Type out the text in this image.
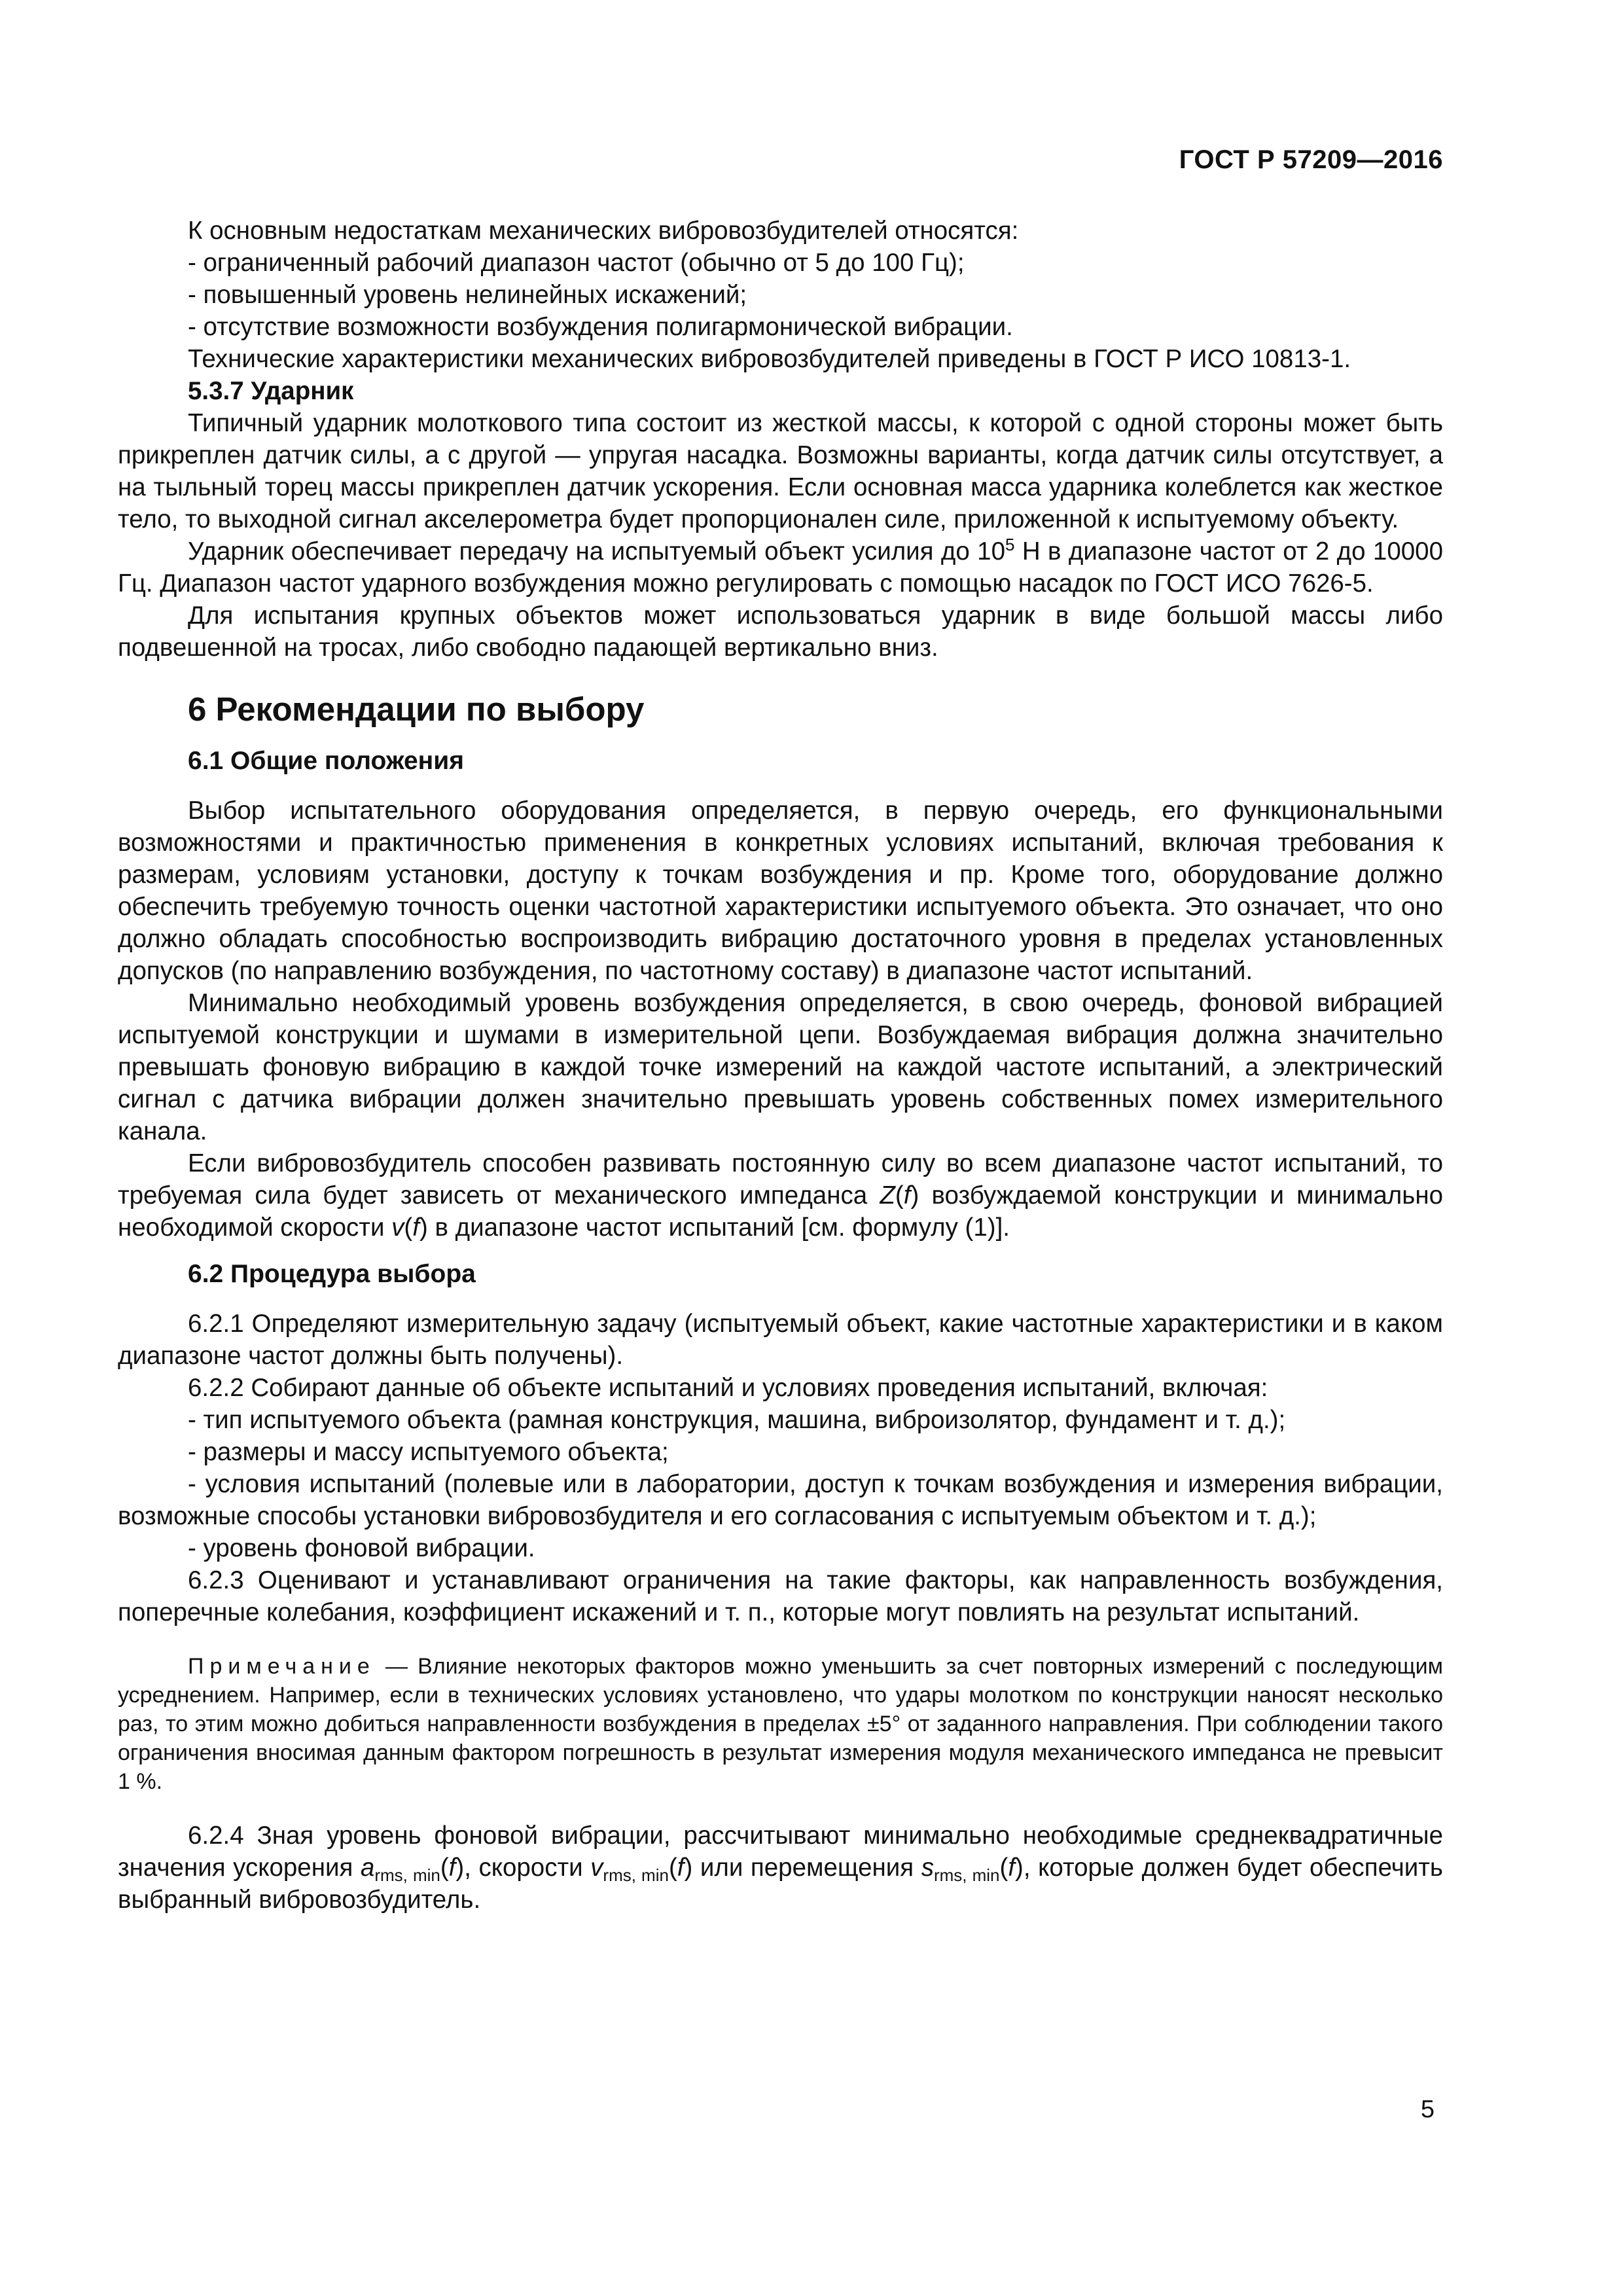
ГОСТ Р 57209—2016

К основным недостаткам механических вибровозбудителей относятся:

- ограниченный рабочий диапазон частот (обычно от 5 до 100 Гц);

- повышенный уровень нелинейных искажений;

- отсутствие возможности возбуждения полигармонической вибрации.

Технические характеристики механических вибровозбудителей приведены в ГОСТ Р ИСО 10813-1.

5.3.7 Ударник

Типичный ударник молоткового типа состоит из жесткой массы, к которой с одной стороны может быть прикреплен датчик силы, а с другой — упругая насадка. Возможны варианты, когда датчик силы отсутствует, а на тыльный торец массы прикреплен датчик ускорения. Если основная масса ударника колеблется как жесткое тело, то выходной сигнал акселерометра будет пропорционален силе, приложенной к испытуемому объекту.

Ударник обеспечивает передачу на испытуемый объект усилия до $10^5$ Н в диапазоне частот от 2 до 10000 Гц. Диапазон частот ударного возбуждения можно регулировать с помощью насадок по ГОСТ ИСО 7626-5.

Для испытания крупных объектов может использоваться ударник в виде большой массы либо подвешенной на тросах, либо свободно падающей вертикально вниз.

6 Рекомендации по выбору
6.1 Общие положения

Выбор испытательного оборудования определяется, в первую очередь, его функциональными возможностями и практичностью применения в конкретных условиях испытаний, включая требования к размерам, условиям установки, доступу к точкам возбуждения и пр. Кроме того, оборудование должно обеспечить требуемую точность оценки частотной характеристики испытуемого объекта. Это означает, что оно должно обладать способностью воспроизводить вибрацию достаточного уровня в пределах установленных допусков (по направлению возбуждения, по частотному составу) в диапазоне частот испытаний.

Минимально необходимый уровень возбуждения определяется, в свою очередь, фоновой вибрацией испытуемой конструкции и шумами в измерительной цепи. Возбуждаемая вибрация должна значительно превышать фоновую вибрацию в каждой точке измерений на каждой частоте испытаний, а электрический сигнал с датчика вибрации должен значительно превышать уровень собственных помех измерительного канала.

Если вибровозбудитель способен развивать постоянную силу во всем диапазоне частот испытаний, то требуемая сила будет зависеть от механического импеданса Z(f) возбуждаемой конструкции и минимально необходимой скорости v(f) в диапазоне частот испытаний [см. формулу (1)].

6.2 Процедура выбора

6.2.1 Определяют измерительную задачу (испытуемый объект, какие частотные характеристики и в каком диапазоне частот должны быть получены).

6.2.2 Собирают данные об объекте испытаний и условиях проведения испытаний, включая:

- тип испытуемого объекта (рамная конструкция, машина, виброизолятор, фундамент и т. д.);

- размеры и массу испытуемого объекта;

- условия испытаний (полевые или в лаборатории, доступ к точкам возбуждения и измерения вибрации, возможные способы установки вибровозбудителя и его согласования с испытуемым объектом и т. д.);

- уровень фоновой вибрации.

6.2.3 Оценивают и устанавливают ограничения на такие факторы, как направленность возбуждения, поперечные колебания, коэффициент искажений и т. п., которые могут повлиять на результат испытаний.

Примечание — Влияние некоторых факторов можно уменьшить за счет повторных измерений с последующим усреднением. Например, если в технических условиях установлено, что удары молотком по конструкции наносят несколько раз, то этим можно добиться направленности возбуждения в пределах ±5° от заданного направления. При соблюдении такого ограничения вносимая данным фактором погрешность в результат измерения модуля механического импеданса не превысит 1 %.

6.2.4 Зная уровень фоновой вибрации, рассчитывают минимально необходимые среднеквадратичные значения ускорения $a_{rms, min}(f)$, скорости $v_{rms, min}(f)$ или перемещения $s_{rms, min}(f)$, которые должен будет обеспечить выбранный вибровозбудитель.

5
